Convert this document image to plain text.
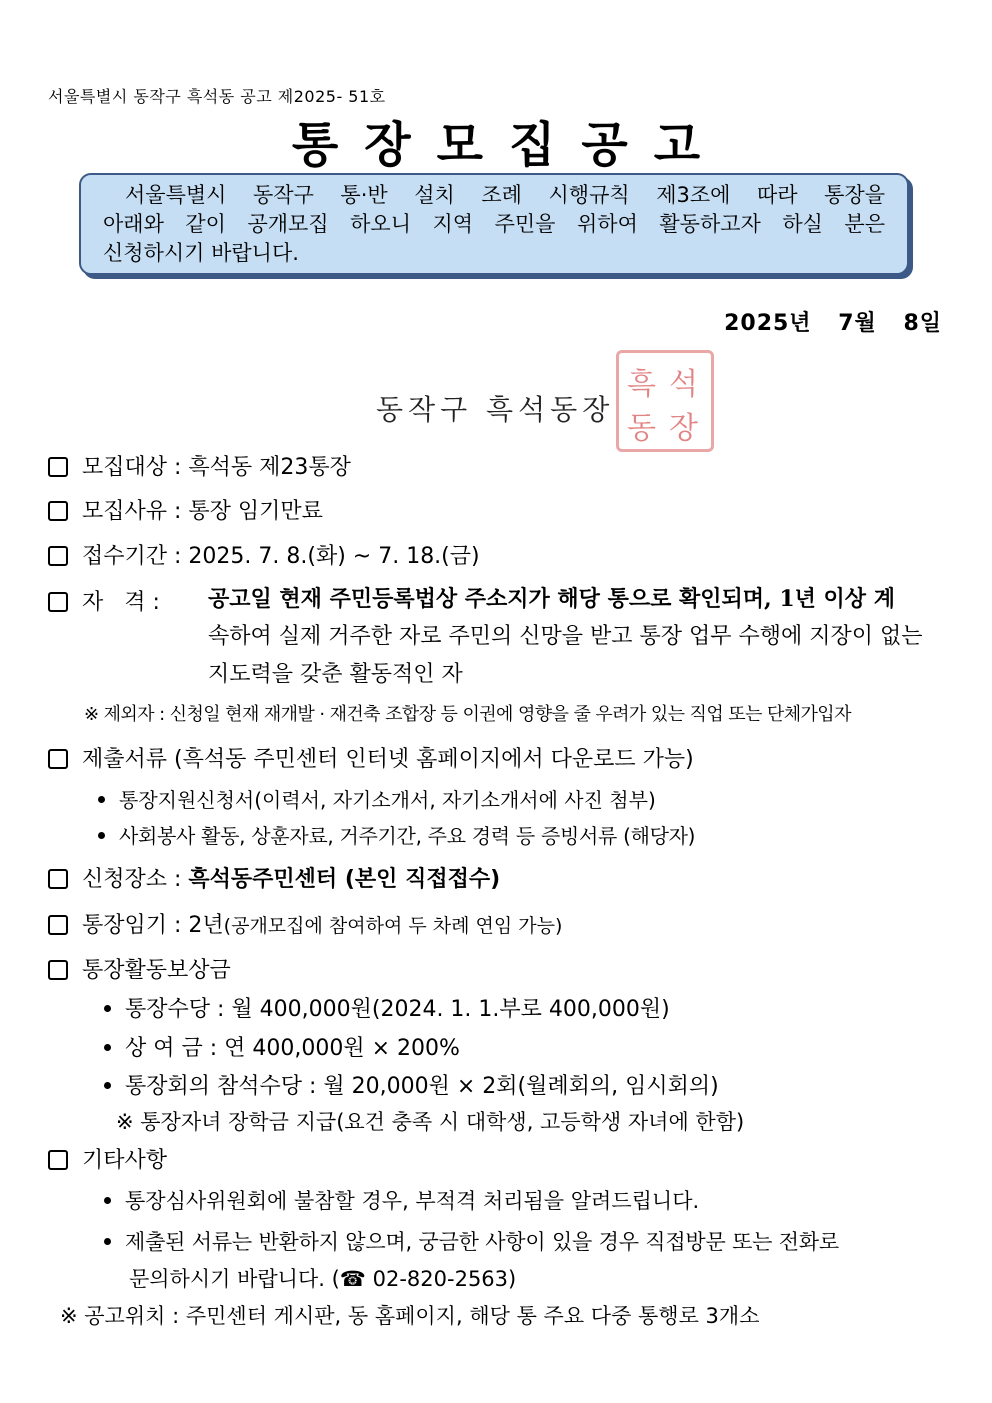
서울특별시 동작구 흑석동 공고 제2025- 51호
통장모집공고
서울특별시 동작구 통·반 설치 조례 시행규칙 제3조에 따라 통장을
아래와 같이 공개모집 하오니 지역 주민을 위하여 활동하고자 하실 분은
신청하시기 바랍니다.
2025년 7월 8일
흑 석
동 장
동작구 흑석동장
모집대상 : 흑석동 제23통장
모집사유 : 통장 임기만료
접수기간 : 2025. 7. 8.(화) ~ 7. 18.(금)
자   격 : 공고일 현재 주민등록법상 주소지가 해당 통으로 확인되며, 1년 이상 계
속하여 실제 거주한 자로 주민의 신망을 받고 통장 업무 수행에 지장이 없는
지도력을 갖춘 활동적인 자
※ 제외자 : 신청일 현재 재개발 · 재건축 조합장 등 이권에 영향을 줄 우려가 있는 직업 또는 단체가입자
제출서류 (흑석동 주민센터 인터넷 홈페이지에서 다운로드 가능)
통장지원신청서(이력서, 자기소개서, 자기소개서에 사진 첨부)
사회봉사 활동, 상훈자료, 거주기간, 주요 경력 등 증빙서류 (해당자)
신청장소 : 흑석동주민센터 (본인 직접접수)
통장임기 : 2년(공개모집에 참여하여 두 차례 연임 가능)
통장활동보상금
통장수당 : 월 400,000원(2024. 1. 1.부로 400,000원)
상 여 금 : 연 400,000원 × 200%
통장회의 참석수당 : 월 20,000원 × 2회(월례회의, 임시회의)
※ 통장자녀 장학금 지급(요건 충족 시 대학생, 고등학생 자녀에 한함)
기타사항
통장심사위원회에 불참할 경우, 부적격 처리됨을 알려드립니다.
제출된 서류는 반환하지 않으며, 궁금한 사항이 있을 경우 직접방문 또는 전화로
문의하시기 바랍니다. (☎ 02-820-2563)
※ 공고위치 : 주민센터 게시판, 동 홈페이지, 해당 통 주요 다중 통행로 3개소
